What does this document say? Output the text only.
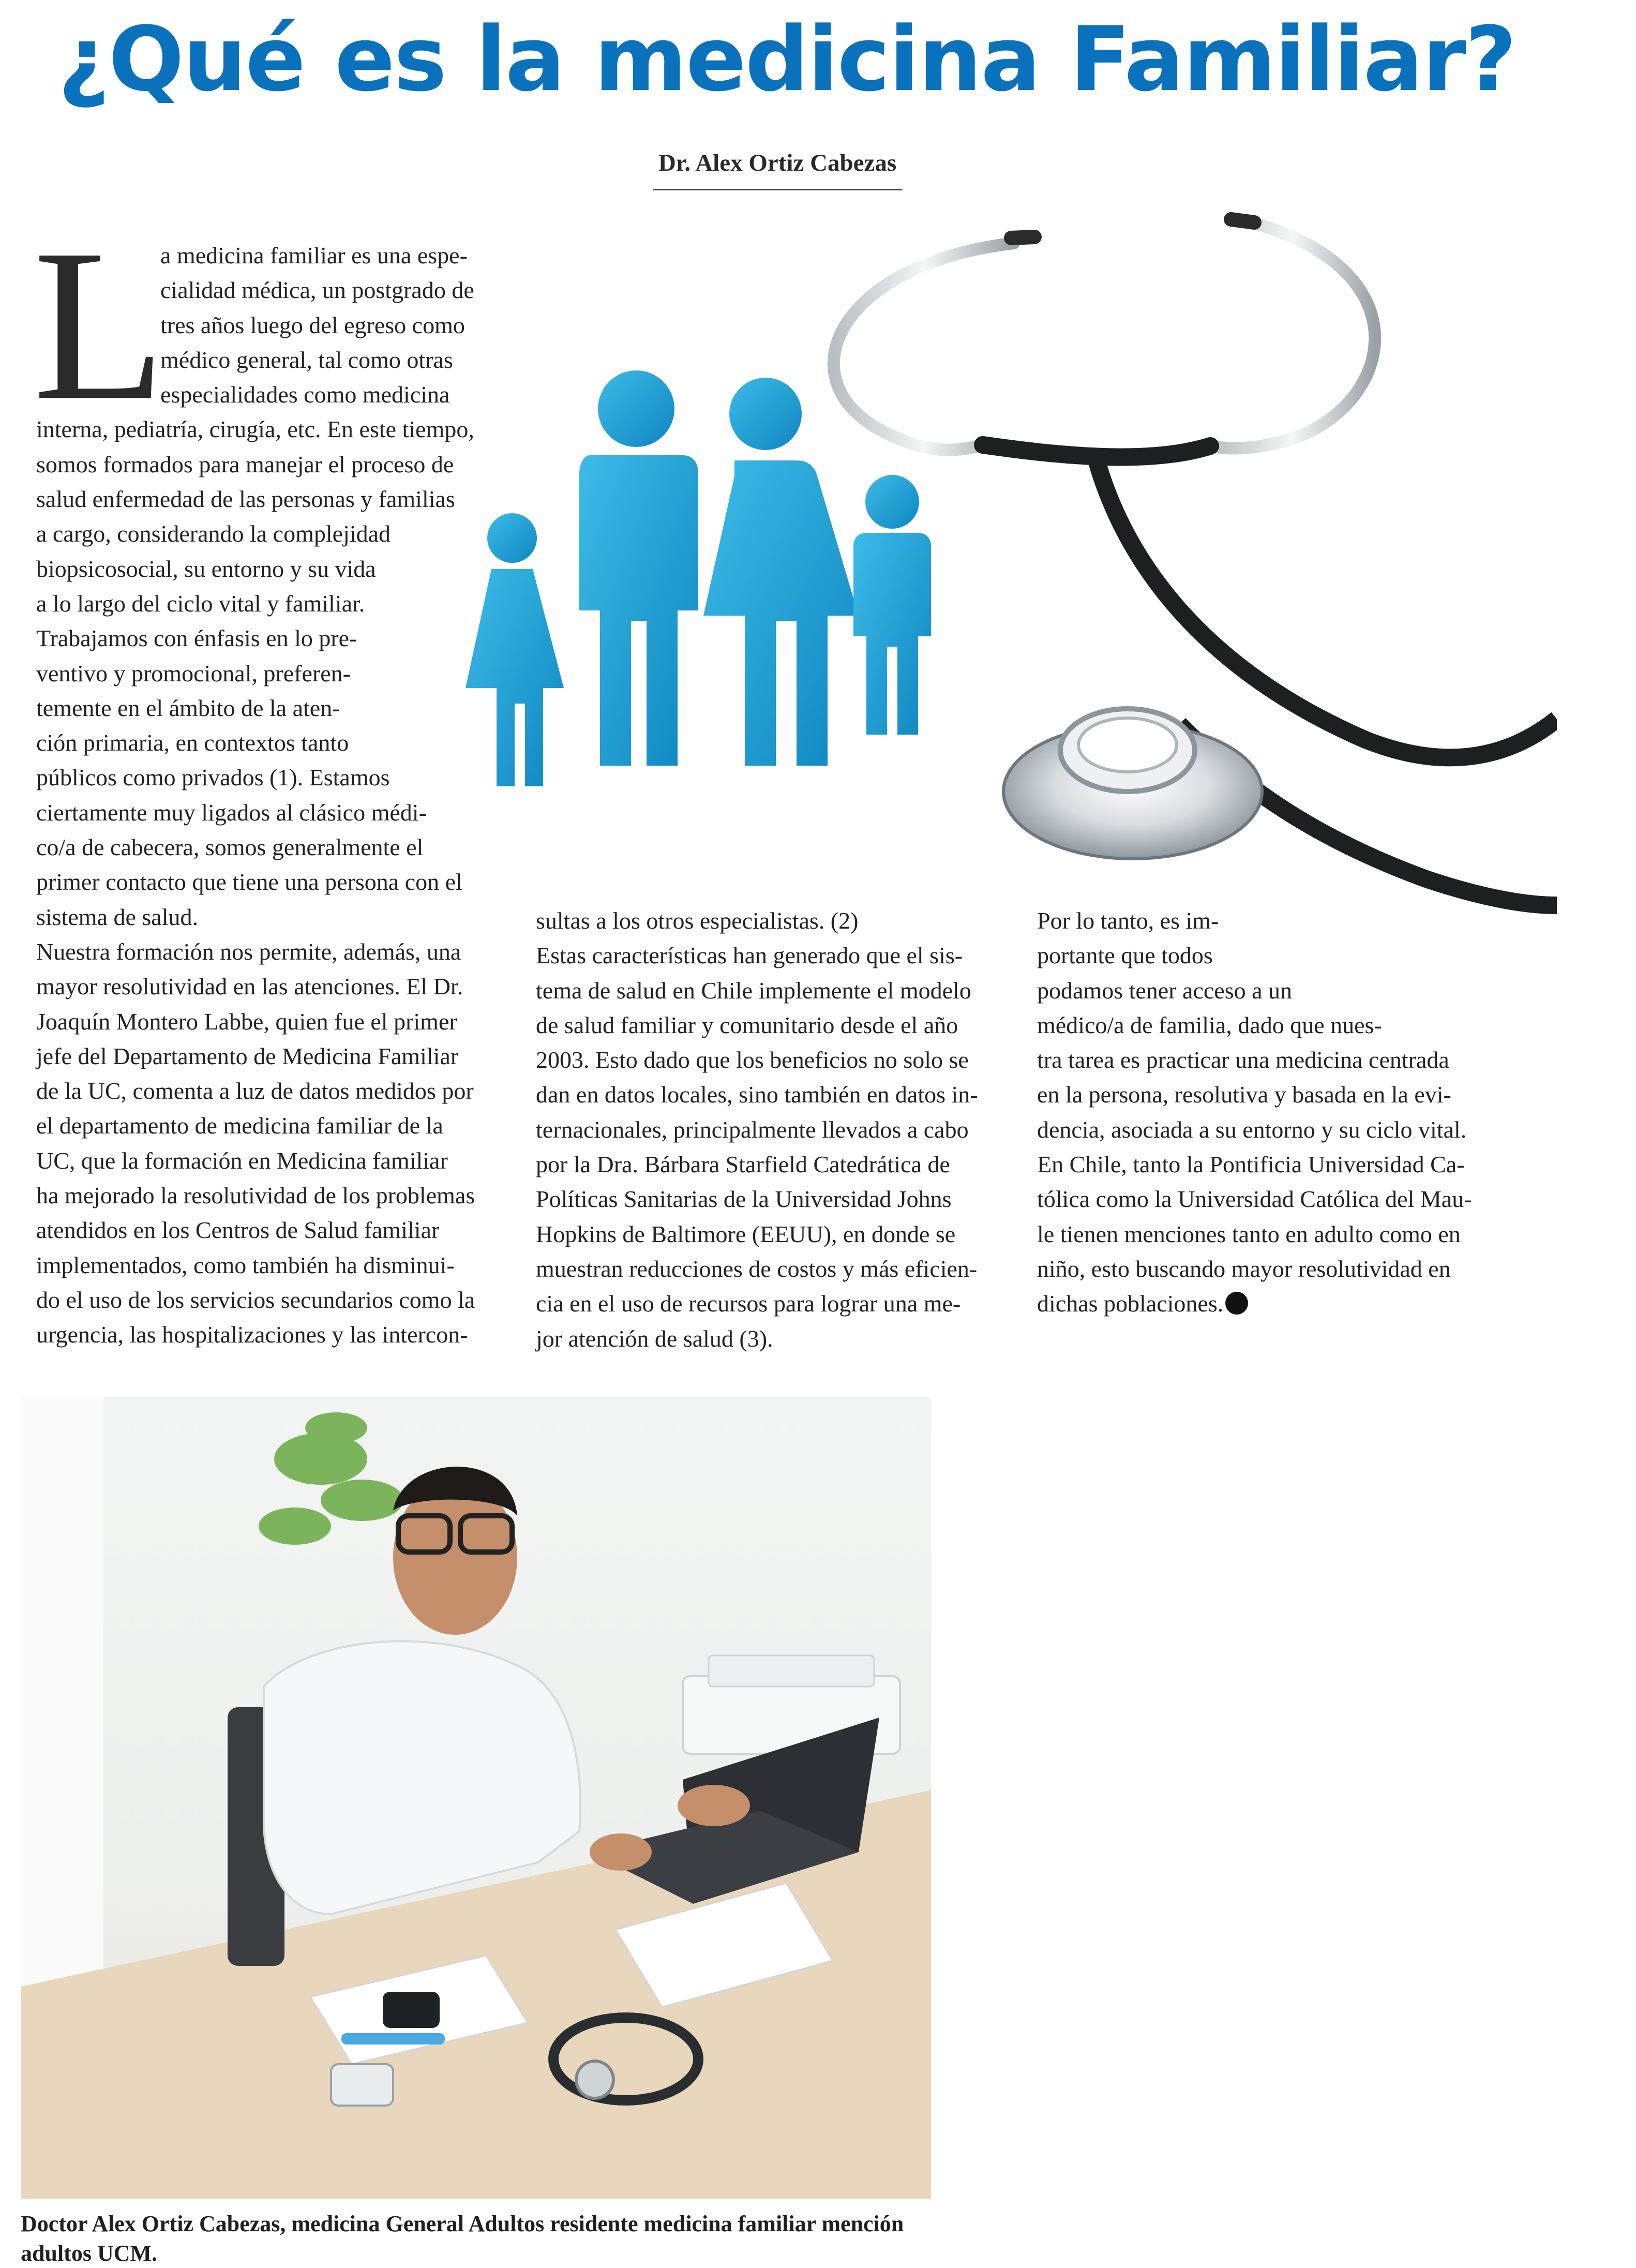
¿Qué es la medicina Familiar?
Dr. Alex Ortiz Cabezas
L

a medicina familiar es una espe-

cialidad médica, un postgrado de

tres años luego del egreso como

médico general, tal como otras

especialidades como medicina

interna, pediatría, cirugía, etc. En este tiempo,

somos formados para manejar el proceso de

salud enfermedad de las personas y familias

a cargo, considerando la complejidad

biopsicosocial, su entorno y su vida

a lo largo del ciclo vital y familiar.

Trabajamos con énfasis en lo pre-

ventivo y promocional, preferen-

temente en el ámbito de la aten-

ción primaria, en contextos tanto

públicos como privados (1). Estamos

ciertamente muy ligados al clásico médi-

co/a de cabecera, somos generalmente el

primer contacto que tiene una persona con el

sistema de salud.

Nuestra formación nos permite, además, una

mayor resolutividad en las atenciones. El Dr.

Joaquín Montero Labbe, quien fue el primer

jefe del Departamento de Medicina Familiar

de la UC, comenta a luz de datos medidos por

el departamento de medicina familiar de la

UC, que la formación en Medicina familiar

ha mejorado la resolutividad de los problemas

atendidos en los Centros de Salud familiar

implementados, como también ha disminui-

do el uso de los servicios secundarios como la

urgencia, las hospitalizaciones y las intercon-

sultas a los otros especialistas. (2)

Estas características han generado que el sis-

tema de salud en Chile implemente el modelo

de salud familiar y comunitario desde el año

2003. Esto dado que los beneficios no solo se

dan en datos locales, sino también en datos in-

ternacionales, principalmente llevados a cabo

por la Dra. Bárbara Starfield Catedrática de

Políticas Sanitarias de la Universidad Johns

Hopkins de Baltimore (EEUU), en donde se

muestran reducciones de costos y más eficien-

cia en el uso de recursos para lograr una me-

jor atención de salud (3).

Por lo tanto, es im-

portante que todos

podamos tener acceso a un

médico/a de familia, dado que nues-

tra tarea es practicar una medicina centrada

en la persona, resolutiva y basada en la evi-

dencia, asociada a su entorno y su ciclo vital.

En Chile, tanto la Pontificia Universidad Ca-

tólica como la Universidad Católica del Mau-

le tienen menciones tanto en adulto como en

niño, esto buscando mayor resolutividad en

dichas poblaciones.

Doctor Alex Ortiz Cabezas, medicina General Adultos residente medicina familiar mención adultos UCM.
